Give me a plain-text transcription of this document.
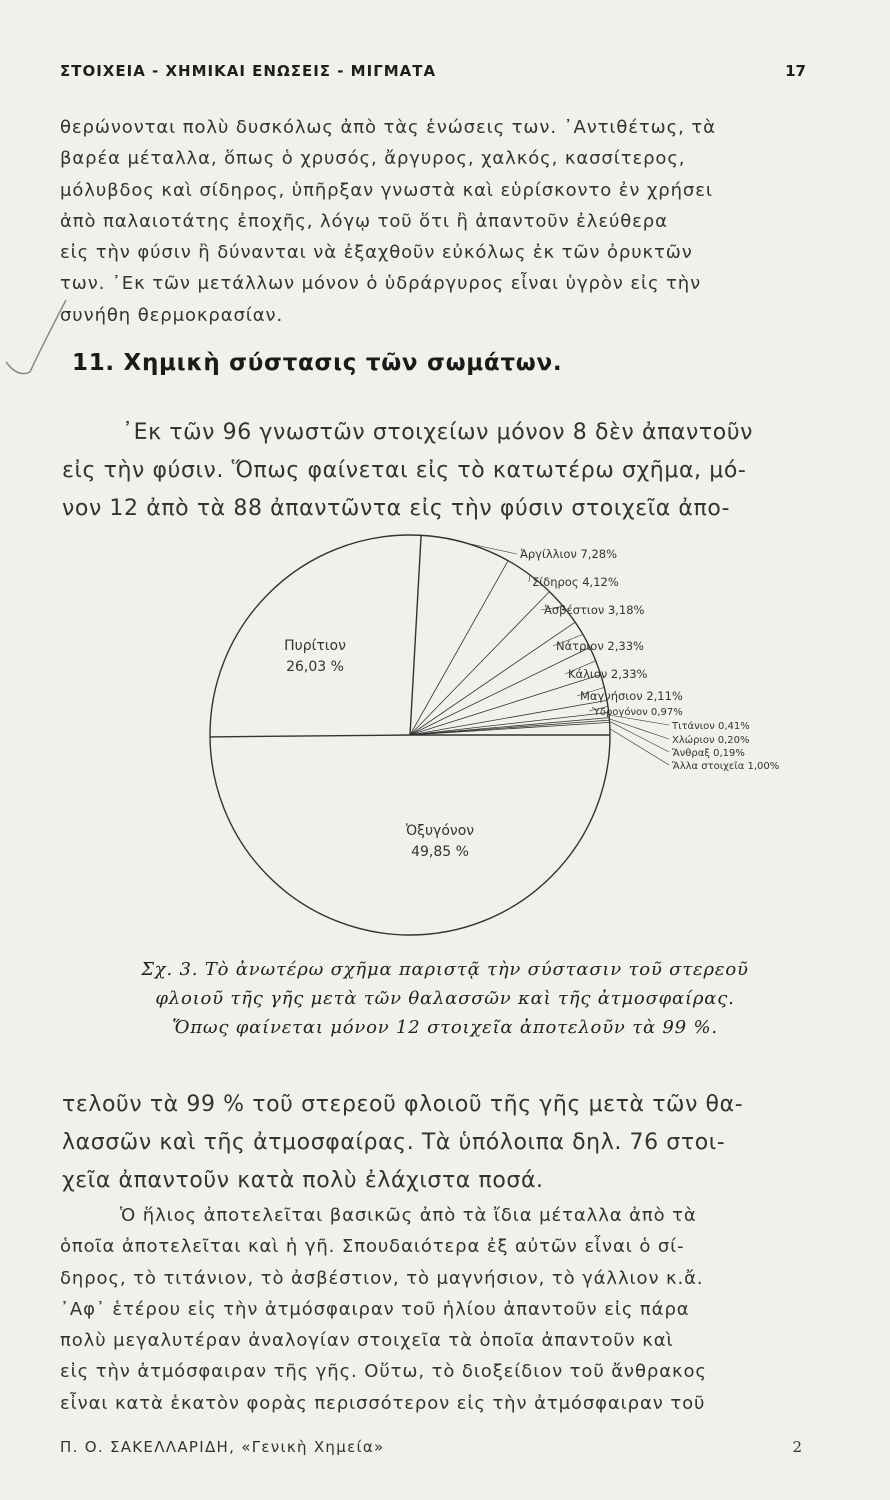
ΣΤΟΙΧΕΙΑ - ΧΗΜΙΚΑΙ ΕΝΩΣΕΙΣ - ΜΙΓΜΑΤΑ	17
θερώνονται πολὺ δυσκόλως ἀπὸ τὰς ἑνώσεις των. ᾽Αντιθέτως, τὰ
βαρέα μέταλλα, ὅπως ὁ χρυσός, ἄργυρος, χαλκός, κασσίτερος,
μόλυβδος καὶ σίδηρος, ὑπῆρξαν γνωστὰ καὶ εὑρίσκοντο ἐν χρήσει
ἀπὸ παλαιοτάτης ἐποχῆς, λόγῳ τοῦ ὅτι ἢ ἀπαντοῦν ἐλεύθερα
εἰς τὴν φύσιν ἢ δύνανται νὰ ἐξαχθοῦν εὐκόλως ἐκ τῶν ὀρυκτῶν
των. ᾽Εκ τῶν μετάλλων μόνον ὁ ὑδράργυρος εἶναι ὑγρὸν εἰς τὴν
συνήθη θερμοκρασίαν.
11. Χημικὴ σύστασις τῶν σωμάτων.
᾽Εκ τῶν 96 γνωστῶν στοιχείων μόνον 8 δὲν ἀπαντοῦν
εἰς τὴν φύσιν. Ὅπως φαίνεται εἰς τὸ κατωτέρω σχῆμα, μό-
νον 12 ἀπὸ τὰ 88 ἀπαντῶντα εἰς τὴν φύσιν στοιχεῖα ἀπο-
Ὀξυγόνον
49,85 %
Πυρίτιον
26,03 %
Ἀργίλλιον 7,28%
Σίδηρος 4,12%
Ἀσβέστιον 3,18%
Νάτριον 2,33%
Κάλιον 2,33%
Μαγνήσιον 2,11%
Ὑδρογόνον 0,97%
Τιτάνιον 0,41%
Χλώριον 0,20%
Ἄνθραξ 0,19%
Ἄλλα στοιχεῖα 1,00%
Σχ. 3. Τὸ ἀνωτέρω σχῆμα παριστᾷ τὴν σύστασιν τοῦ στερεοῦ
φλοιοῦ τῆς γῆς μετὰ τῶν θαλασσῶν καὶ τῆς ἀτμοσφαίρας.
Ὅπως φαίνεται μόνον 12 στοιχεῖα ἀποτελοῦν τὰ 99 %.
τελοῦν τὰ 99 % τοῦ στερεοῦ φλοιοῦ τῆς γῆς μετὰ τῶν θα-
λασσῶν καὶ τῆς ἀτμοσφαίρας. Τὰ ὑπόλοιπα δηλ. 76 στοι-
χεῖα ἀπαντοῦν κατὰ πολὺ ἐλάχιστα ποσά.
Ὁ ἥλιος ἀποτελεῖται βασικῶς ἀπὸ τὰ ἴδια μέταλλα ἀπὸ τὰ
ὁποῖα ἀποτελεῖται καὶ ἡ γῆ. Σπουδαιότερα ἐξ αὐτῶν εἶναι ὁ σί-
δηρος, τὸ τιτάνιον, τὸ ἀσβέστιον, τὸ μαγνήσιον, τὸ γάλλιον κ.ἄ.
᾽Αφ᾽ ἑτέρου εἰς τὴν ἀτμόσφαιραν τοῦ ἡλίου ἀπαντοῦν εἰς πάρα
πολὺ μεγαλυτέραν ἀναλογίαν στοιχεῖα τὰ ὁποῖα ἀπαντοῦν καὶ
εἰς τὴν ἀτμόσφαιραν τῆς γῆς. Οὕτω, τὸ διοξείδιον τοῦ ἄνθρακος
εἶναι κατὰ ἑκατὸν φορὰς περισσότερον εἰς τὴν ἀτμόσφαιραν τοῦ
Π. Ο. ΣΑΚΕΛΛΑΡΙΔΗ, «Γενικὴ Χημεία»	2
